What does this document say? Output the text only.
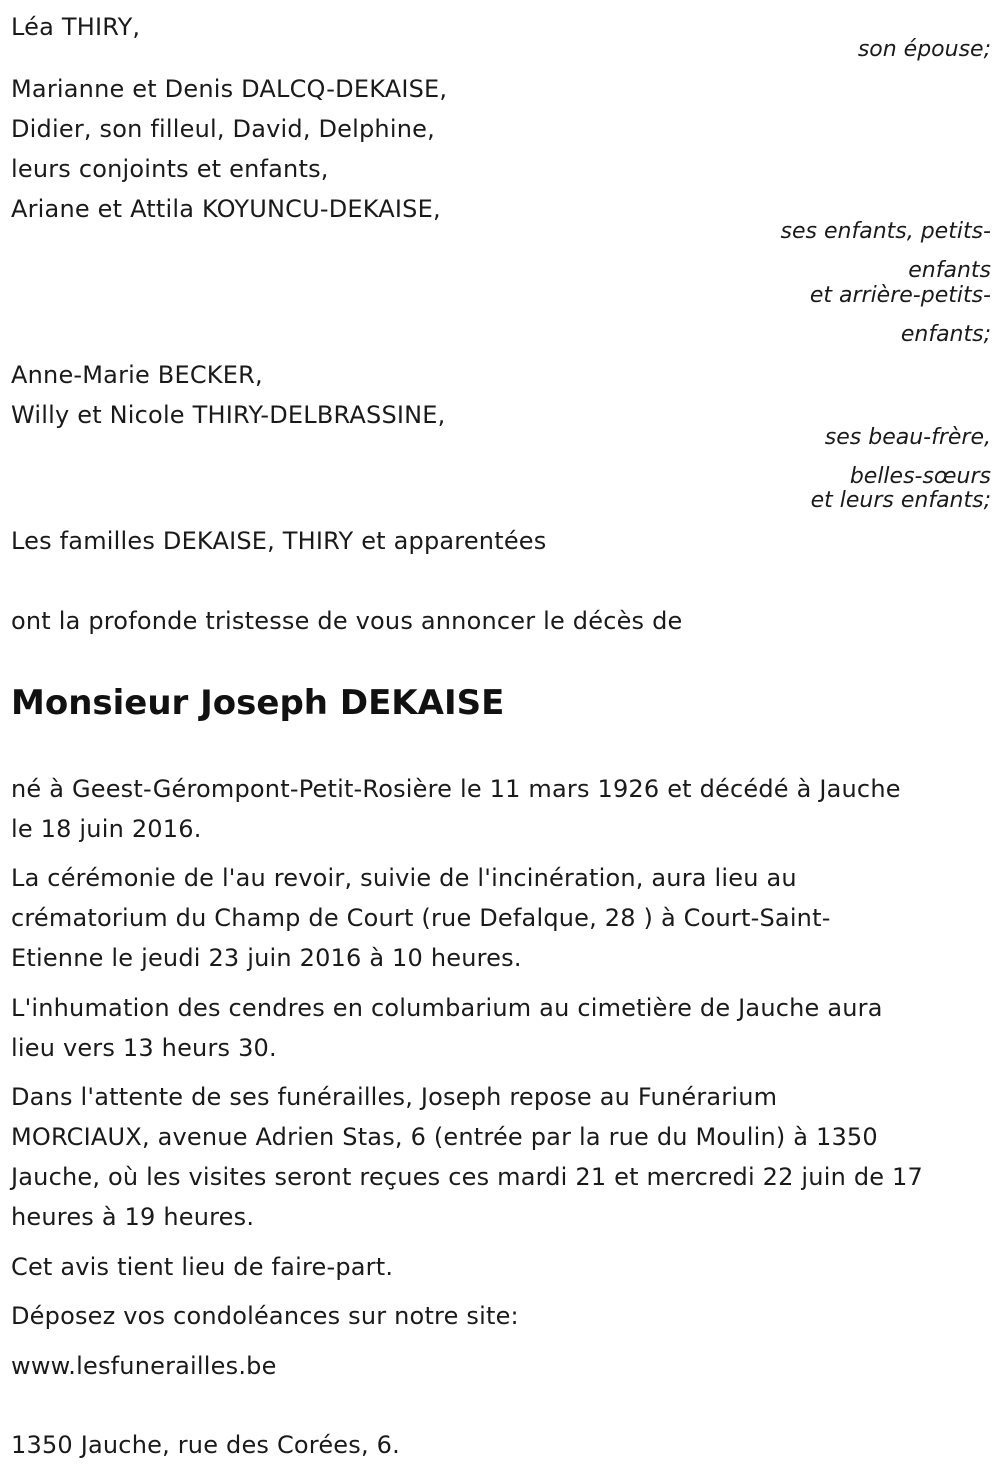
Léa THIRY,
son épouse;
Marianne et Denis DALCQ-DEKAISE,
Didier, son filleul, David, Delphine,
leurs conjoints et enfants,
Ariane et Attila KOYUNCU-DEKAISE,
ses enfants, petits-
enfants
et arrière-petits-
enfants;
Anne-Marie BECKER,
Willy et Nicole THIRY-DELBRASSINE,
ses beau-frère,
belles-sœurs
et leurs enfants;
Les familles DEKAISE, THIRY et apparentées
ont la profonde tristesse de vous annoncer le décès de
Monsieur Joseph DEKAISE
né à Geest-Gérompont-Petit-Rosière le 11 mars 1926 et décédé à Jauche
le 18 juin 2016.
La cérémonie de l'au revoir, suivie de l'incinération, aura lieu au
crématorium du Champ de Court (rue Defalque, 28 ) à Court-Saint-
Etienne le jeudi 23 juin 2016 à 10 heures.
L'inhumation des cendres en columbarium au cimetière de Jauche aura
lieu vers 13 heurs 30.
Dans l'attente de ses funérailles, Joseph repose au Funérarium
MORCIAUX, avenue Adrien Stas, 6 (entrée par la rue du Moulin) à 1350
Jauche, où les visites seront reçues ces mardi 21 et mercredi 22 juin de 17
heures à 19 heures.
Cet avis tient lieu de faire-part.
Déposez vos condoléances sur notre site:
www.lesfunerailles.be
1350 Jauche, rue des Corées, 6.
